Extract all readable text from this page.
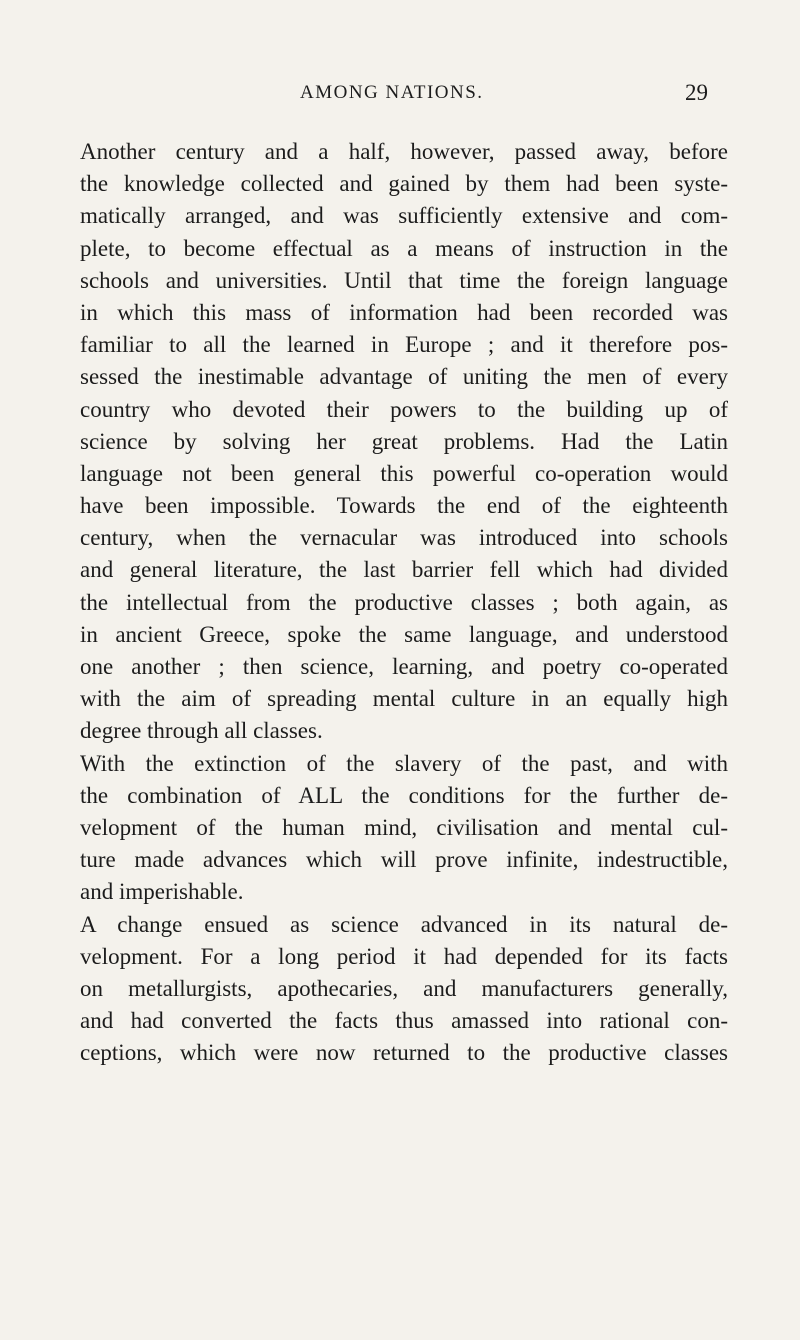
AMONG NATIONS.	29
Another century and a half, however, passed away, before
the knowledge collected and gained by them had been syste-
matically arranged, and was sufficiently extensive and com-
plete, to become effectual as a means of instruction in the
schools and universities. Until that time the foreign language
in which this mass of information had been recorded was
familiar to all the learned in Europe ; and it therefore pos-
sessed the inestimable advantage of uniting the men of every
country who devoted their powers to the building up of
science by solving her great problems. Had the Latin
language not been general this powerful co-operation would
have been impossible. Towards the end of the eighteenth
century, when the vernacular was introduced into schools
and general literature, the last barrier fell which had divided
the intellectual from the productive classes ; both again, as
in ancient Greece, spoke the same language, and understood
one another ; then science, learning, and poetry co-operated
with the aim of spreading mental culture in an equally high
degree through all classes.
With the extinction of the slavery of the past, and with
the combination of ALL the conditions for the further de-
velopment of the human mind, civilisation and mental cul-
ture made advances which will prove infinite, indestructible,
and imperishable.
A change ensued as science advanced in its natural de-
velopment. For a long period it had depended for its facts
on metallurgists, apothecaries, and manufacturers generally,
and had converted the facts thus amassed into rational con-
ceptions, which were now returned to the productive classes
